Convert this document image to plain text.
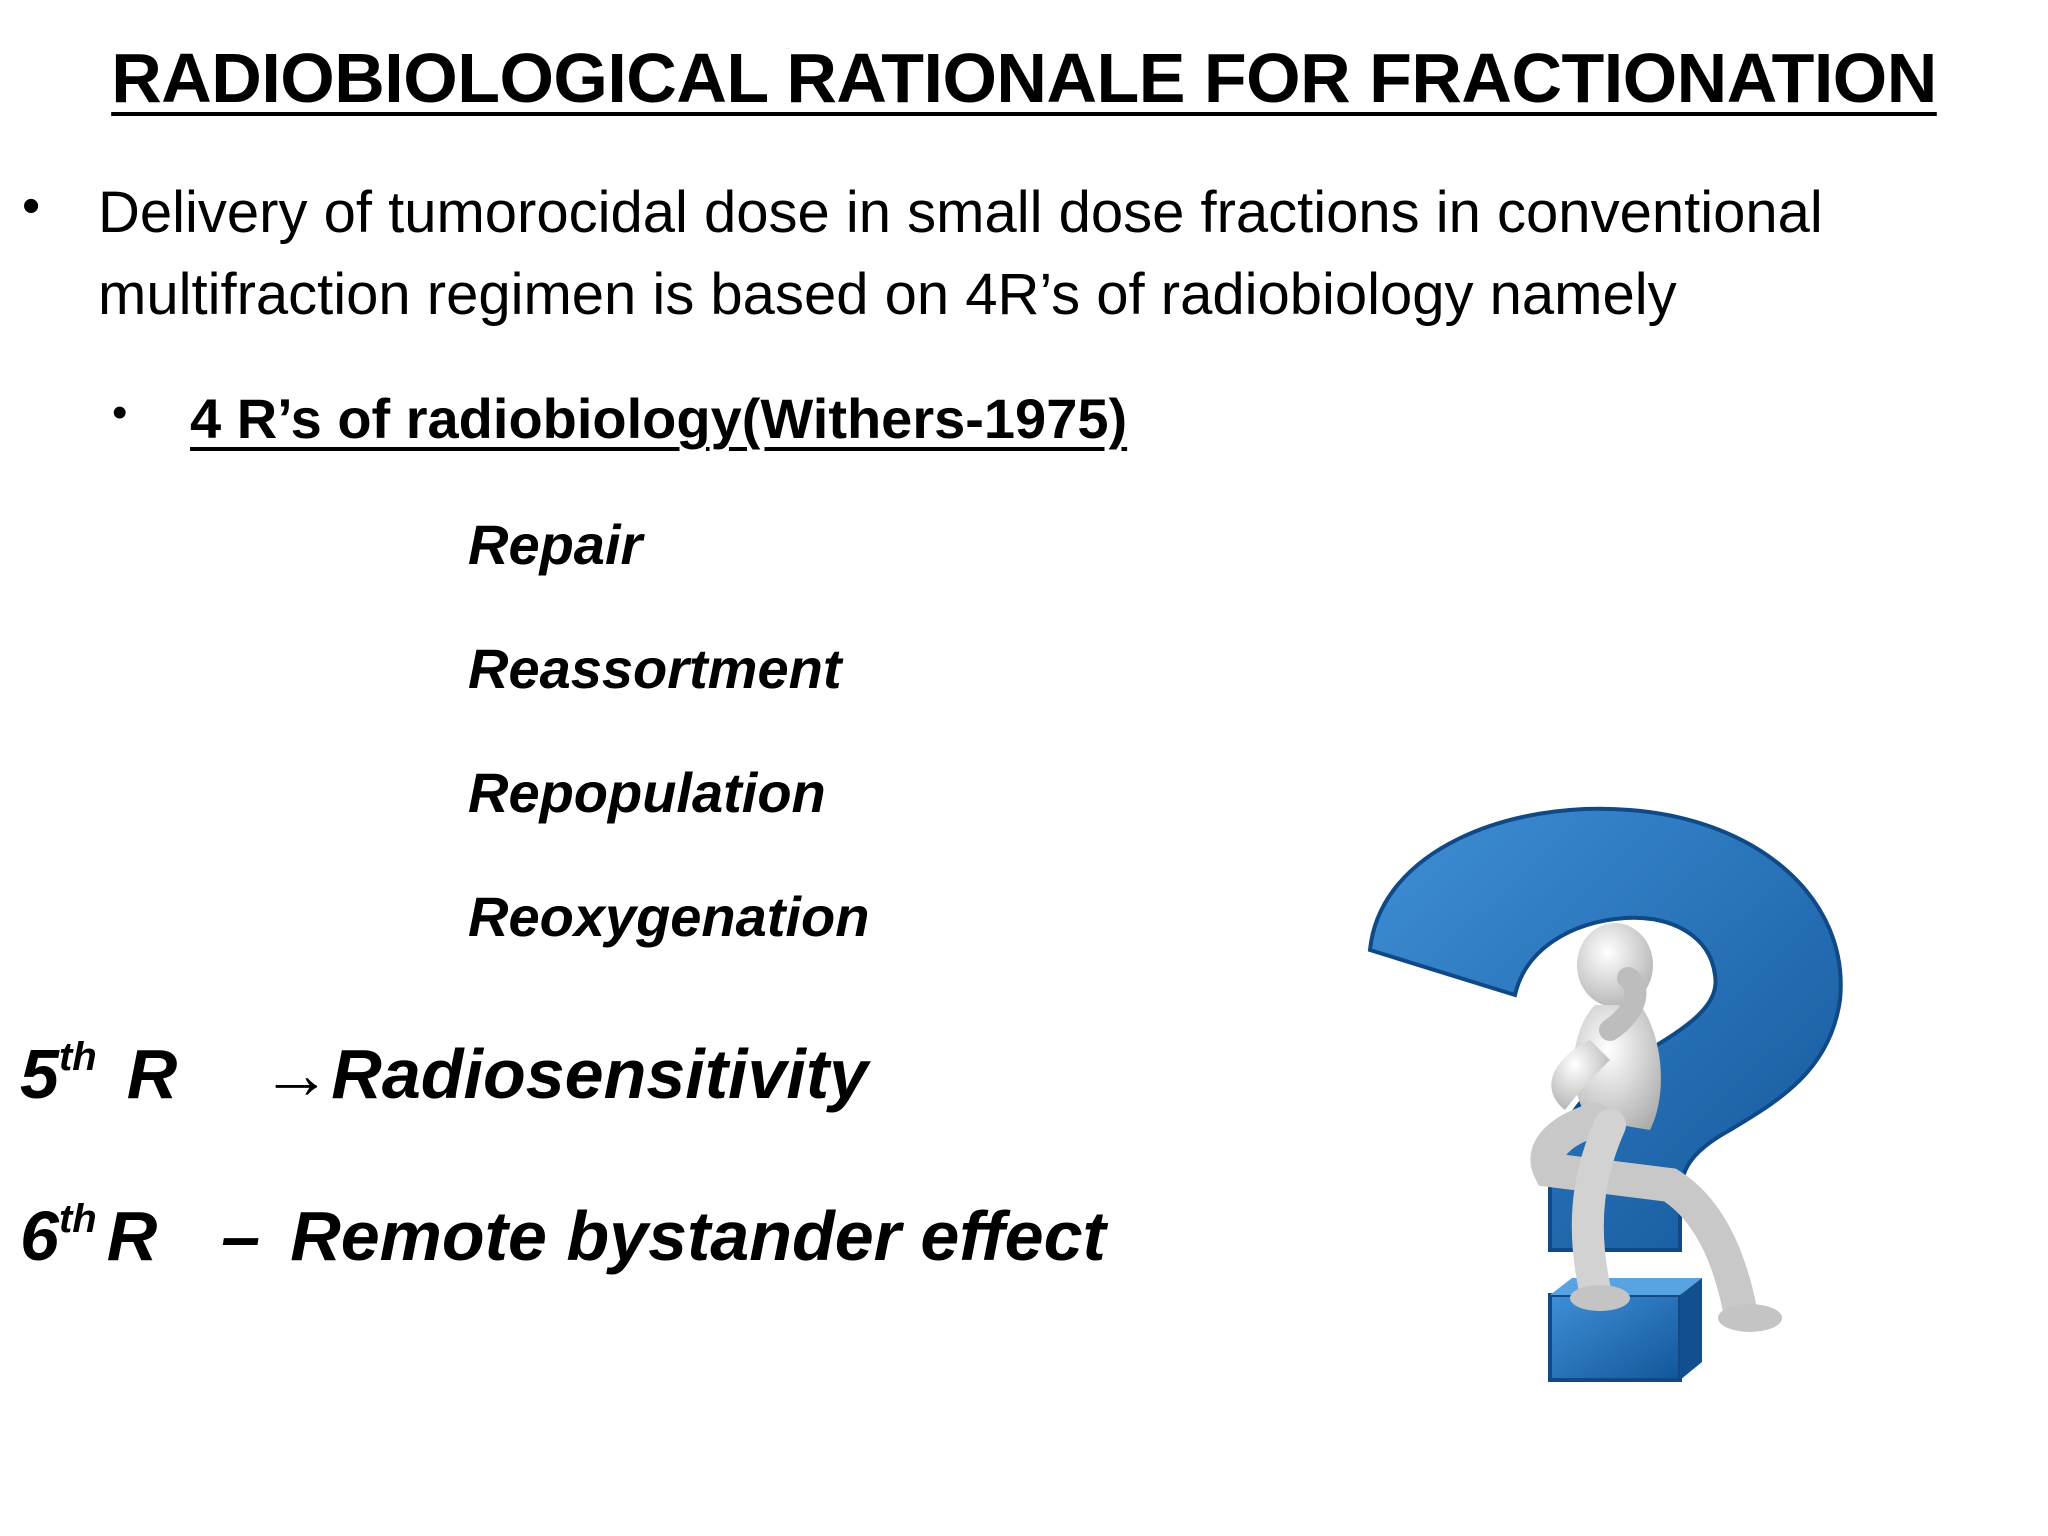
RADIOBIOLOGICAL RATIONALE FOR FRACTIONATION
• Delivery of tumorocidal dose in small dose fractions in conventional multifraction regimen is based on 4R’s of radiobiology namely
• 4 R’s of radiobiology(Withers-1975)
Repair
Reassortment
Repopulation
Reoxygenation
5th R →Radiosensitivity
6th R – Remote bystander effect
